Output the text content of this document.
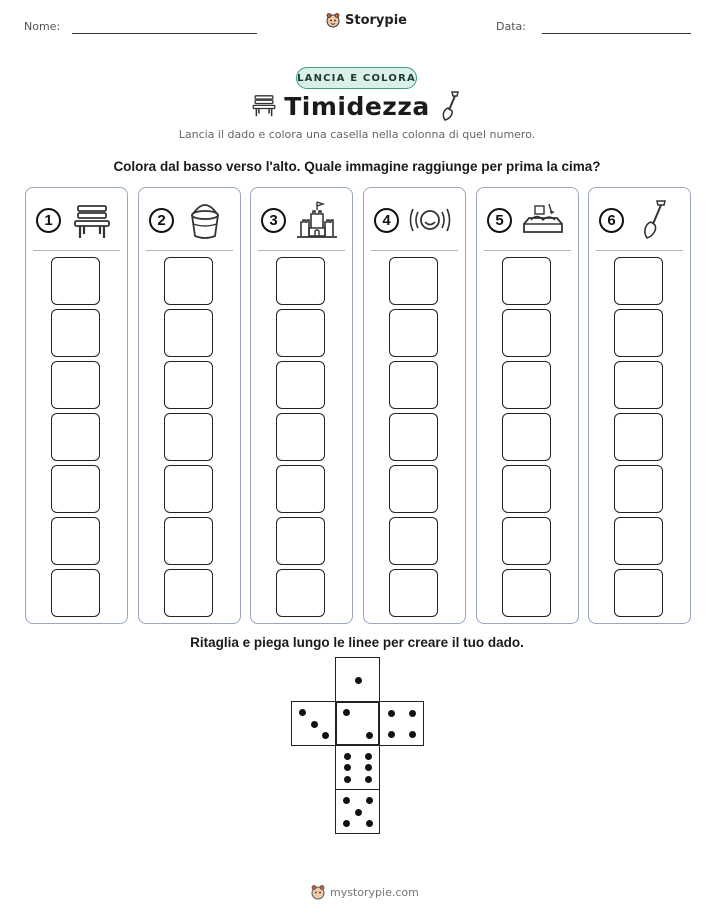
Nome:	Storypie	Data:
LANCIA E COLORA
Timidezza
Lancia il dado e colora una casella nella colonna di quel numero.
Colora dal basso verso l'alto. Quale immagine raggiunge per prima la cima?
1	2	3	4	5	6
Ritaglia e piega lungo le linee per creare il tuo dado.
mystorypie.com
